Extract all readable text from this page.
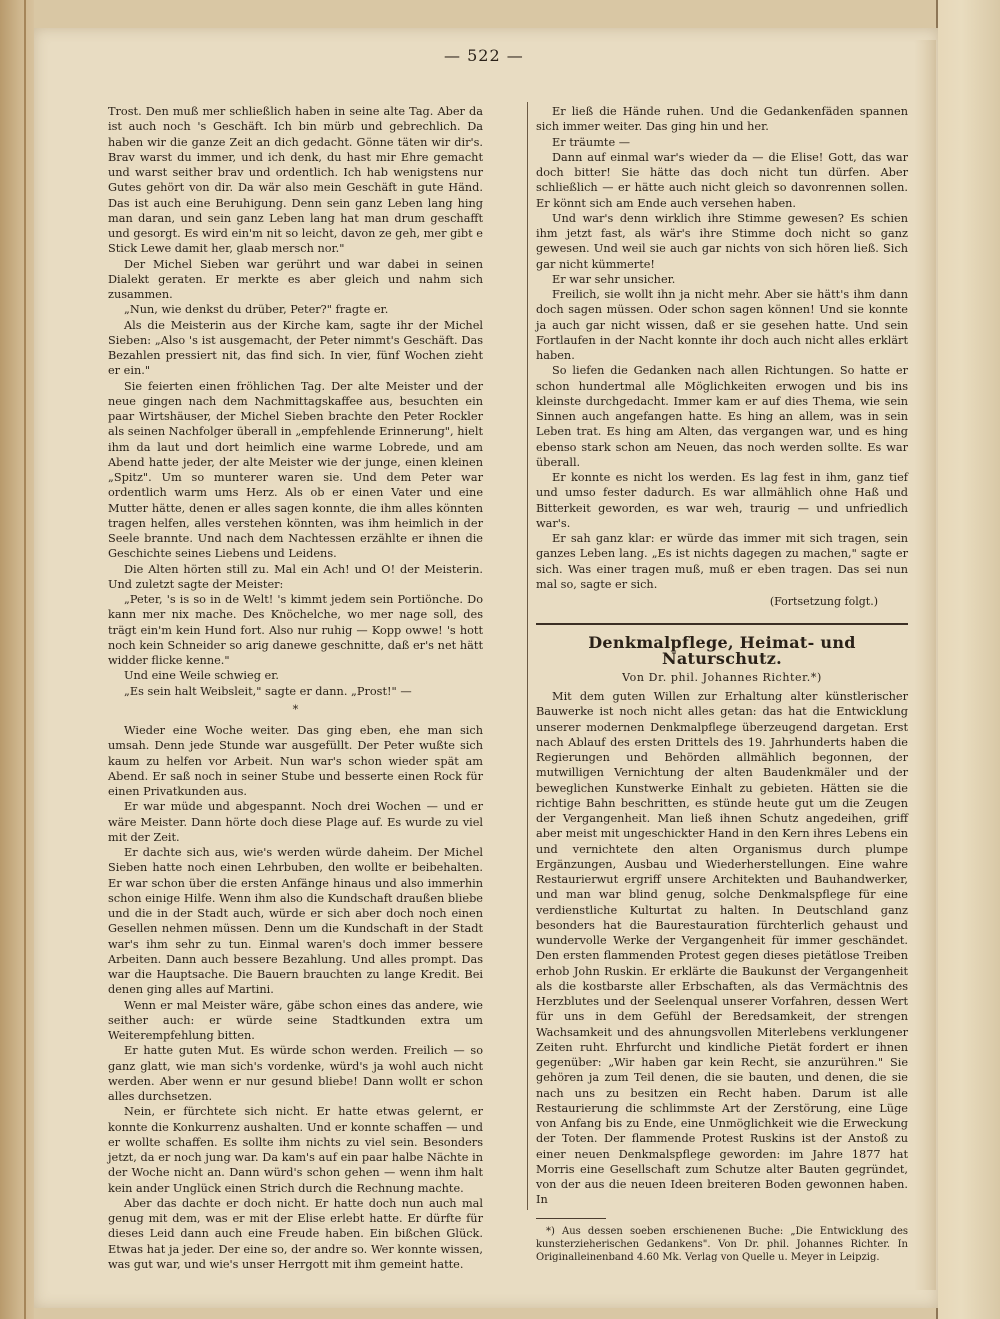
— 522 —

Trost. Den muß mer schließlich haben in seine alte Tag. Aber da ist auch noch 's Geschäft. Ich bin mürb und gebrechlich. Da haben wir die ganze Zeit an dich gedacht. Gönne täten wir dir's. Brav warst du immer, und ich denk, du hast mir Ehre gemacht und warst seither brav und ordentlich. Ich hab wenigstens nur Gutes gehört von dir. Da wär also mein Geschäft in gute Händ. Das ist auch eine Beruhigung. Denn sein ganz Leben lang hing man daran, und sein ganz Leben lang hat man drum geschafft und gesorgt. Es wird ein'm nit so leicht, davon ze geh, mer gibt e Stick Lewe damit her, glaab mersch nor."

Der Michel Sieben war gerührt und war dabei in seinen Dialekt geraten. Er merkte es aber gleich und nahm sich zusammen.

„Nun, wie denkst du drüber, Peter?" fragte er.

Als die Meisterin aus der Kirche kam, sagte ihr der Michel Sieben: „Also 's ist ausgemacht, der Peter nimmt's Geschäft. Das Bezahlen pressiert nit, das find sich. In vier, fünf Wochen zieht er ein."

Sie feierten einen fröhlichen Tag. Der alte Meister und der neue gingen nach dem Nachmittagskaffee aus, besuchten ein paar Wirtshäuser, der Michel Sieben brachte den Peter Rockler als seinen Nachfolger überall in „empfehlende Erinnerung", hielt ihm da laut und dort heimlich eine warme Lobrede, und am Abend hatte jeder, der alte Meister wie der junge, einen kleinen „Spitz". Um so munterer waren sie. Und dem Peter war ordentlich warm ums Herz. Als ob er einen Vater und eine Mutter hätte, denen er alles sagen konnte, die ihm alles könnten tragen helfen, alles verstehen könnten, was ihm heimlich in der Seele brannte. Und nach dem Nachtessen erzählte er ihnen die Geschichte seines Liebens und Leidens.

Die Alten hörten still zu. Mal ein Ach! und O! der Meisterin. Und zuletzt sagte der Meister:

„Peter, 's is so in de Welt! 's kimmt jedem sein Portiönche. Do kann mer nix mache. Des Knöchelche, wo mer nage soll, des trägt ein'm kein Hund fort. Also nur ruhig — Kopp owwe! 's hott noch kein Schneider so arig danewe geschnitte, daß er's net hätt widder flicke kenne."

Und eine Weile schwieg er.

„Es sein halt Weibsleit," sagte er dann. „Prost!" —

*

Wieder eine Woche weiter. Das ging eben, ehe man sich umsah. Denn jede Stunde war ausgefüllt. Der Peter wußte sich kaum zu helfen vor Arbeit. Nun war's schon wieder spät am Abend. Er saß noch in seiner Stube und besserte einen Rock für einen Privatkunden aus.

Er war müde und abgespannt. Noch drei Wochen — und er wäre Meister. Dann hörte doch diese Plage auf. Es wurde zu viel mit der Zeit.

Er dachte sich aus, wie's werden würde daheim. Der Michel Sieben hatte noch einen Lehrbuben, den wollte er beibehalten. Er war schon über die ersten Anfänge hinaus und also immerhin schon einige Hilfe. Wenn ihm also die Kundschaft draußen bliebe und die in der Stadt auch, würde er sich aber doch noch einen Gesellen nehmen müssen. Denn um die Kundschaft in der Stadt war's ihm sehr zu tun. Einmal waren's doch immer bessere Arbeiten. Dann auch bessere Bezahlung. Und alles prompt. Das war die Hauptsache. Die Bauern brauchten zu lange Kredit. Bei denen ging alles auf Martini.

Wenn er mal Meister wäre, gäbe schon eines das andere, wie seither auch: er würde seine Stadtkunden extra um Weiterempfehlung bitten.

Er hatte guten Mut. Es würde schon werden. Freilich — so ganz glatt, wie man sich's vordenke, würd's ja wohl auch nicht werden. Aber wenn er nur gesund bliebe! Dann wollt er schon alles durchsetzen.

Nein, er fürchtete sich nicht. Er hatte etwas gelernt, er konnte die Konkurrenz aushalten. Und er konnte schaffen — und er wollte schaffen. Es sollte ihm nichts zu viel sein. Besonders jetzt, da er noch jung war. Da kam's auf ein paar halbe Nächte in der Woche nicht an. Dann würd's schon gehen — wenn ihm halt kein ander Unglück einen Strich durch die Rechnung machte.

Aber das dachte er doch nicht. Er hatte doch nun auch mal genug mit dem, was er mit der Elise erlebt hatte. Er dürfte für dieses Leid dann auch eine Freude haben. Ein bißchen Glück. Etwas hat ja jeder. Der eine so, der andre so. Wer konnte wissen, was gut war, und wie's unser Herrgott mit ihm gemeint hatte.

Er ließ die Hände ruhen. Und die Gedankenfäden spannen sich immer weiter. Das ging hin und her.

Er träumte —

Dann auf einmal war's wieder da — die Elise! Gott, das war doch bitter! Sie hätte das doch nicht tun dürfen. Aber schließlich — er hätte auch nicht gleich so davonrennen sollen. Er könnt sich am Ende auch versehen haben.

Und war's denn wirklich ihre Stimme gewesen? Es schien ihm jetzt fast, als wär's ihre Stimme doch nicht so ganz gewesen. Und weil sie auch gar nichts von sich hören ließ. Sich gar nicht kümmerte!

Er war sehr unsicher.

Freilich, sie wollt ihn ja nicht mehr. Aber sie hätt's ihm dann doch sagen müssen. Oder schon sagen können! Und sie konnte ja auch gar nicht wissen, daß er sie gesehen hatte. Und sein Fortlaufen in der Nacht konnte ihr doch auch nicht alles erklärt haben.

So liefen die Gedanken nach allen Richtungen. So hatte er schon hundertmal alle Möglichkeiten erwogen und bis ins kleinste durchgedacht. Immer kam er auf dies Thema, wie sein Sinnen auch angefangen hatte. Es hing an allem, was in sein Leben trat. Es hing am Alten, das vergangen war, und es hing ebenso stark schon am Neuen, das noch werden sollte. Es war überall.

Er konnte es nicht los werden. Es lag fest in ihm, ganz tief und umso fester dadurch. Es war allmählich ohne Haß und Bitterkeit geworden, es war weh, traurig — und unfriedlich war's.

Er sah ganz klar: er würde das immer mit sich tragen, sein ganzes Leben lang. „Es ist nichts dagegen zu machen," sagte er sich. Was einer tragen muß, muß er eben tragen. Das sei nun mal so, sagte er sich.

(Fortsetzung folgt.)
Denkmalpflege, Heimat- und Naturschutz.
Von Dr. phil. Johannes Richter.*)

Mit dem guten Willen zur Erhaltung alter künstlerischer Bauwerke ist noch nicht alles getan: das hat die Entwicklung unserer modernen Denkmalpflege überzeugend dargetan. Erst nach Ablauf des ersten Drittels des 19. Jahrhunderts haben die Regierungen und Behörden allmählich begonnen, der mutwilligen Vernichtung der alten Baudenkmäler und der beweglichen Kunstwerke Einhalt zu gebieten. Hätten sie die richtige Bahn beschritten, es stünde heute gut um die Zeugen der Vergangenheit. Man ließ ihnen Schutz angedeihen, griff aber meist mit ungeschickter Hand in den Kern ihres Lebens ein und vernichtete den alten Organismus durch plumpe Ergänzungen, Ausbau und Wiederherstellungen. Eine wahre Restaurierwut ergriff unsere Architekten und Bauhandwerker, und man war blind genug, solche Denkmalspflege für eine verdienstliche Kulturtat zu halten. In Deutschland ganz besonders hat die Baurestauration fürchterlich gehaust und wundervolle Werke der Vergangenheit für immer geschändet. Den ersten flammenden Protest gegen dieses pietätlose Treiben erhob John Ruskin. Er erklärte die Baukunst der Vergangenheit als die kostbarste aller Erbschaften, als das Vermächtnis des Herzblutes und der Seelenqual unserer Vorfahren, dessen Wert für uns in dem Gefühl der Beredsamkeit, der strengen Wachsamkeit und des ahnungsvollen Miterlebens verklungener Zeiten ruht. Ehrfurcht und kindliche Pietät fordert er ihnen gegenüber: „Wir haben gar kein Recht, sie anzurühren." Sie gehören ja zum Teil denen, die sie bauten, und denen, die sie nach uns zu besitzen ein Recht haben. Darum ist alle Restaurierung die schlimmste Art der Zerstörung, eine Lüge von Anfang bis zu Ende, eine Unmöglichkeit wie die Erweckung der Toten. Der flammende Protest Ruskins ist der Anstoß zu einer neuen Denkmalspflege geworden: im Jahre 1877 hat Morris eine Gesellschaft zum Schutze alter Bauten gegründet, von der aus die neuen Ideen breiteren Boden gewonnen haben. In

*) Aus dessen soeben erschienenen Buche: „Die Entwicklung des kunsterzieherischen Gedankens". Von Dr. phil. Johannes Richter. In Originalleinenband 4.60 Mk. Verlag von Quelle u. Meyer in Leipzig.
